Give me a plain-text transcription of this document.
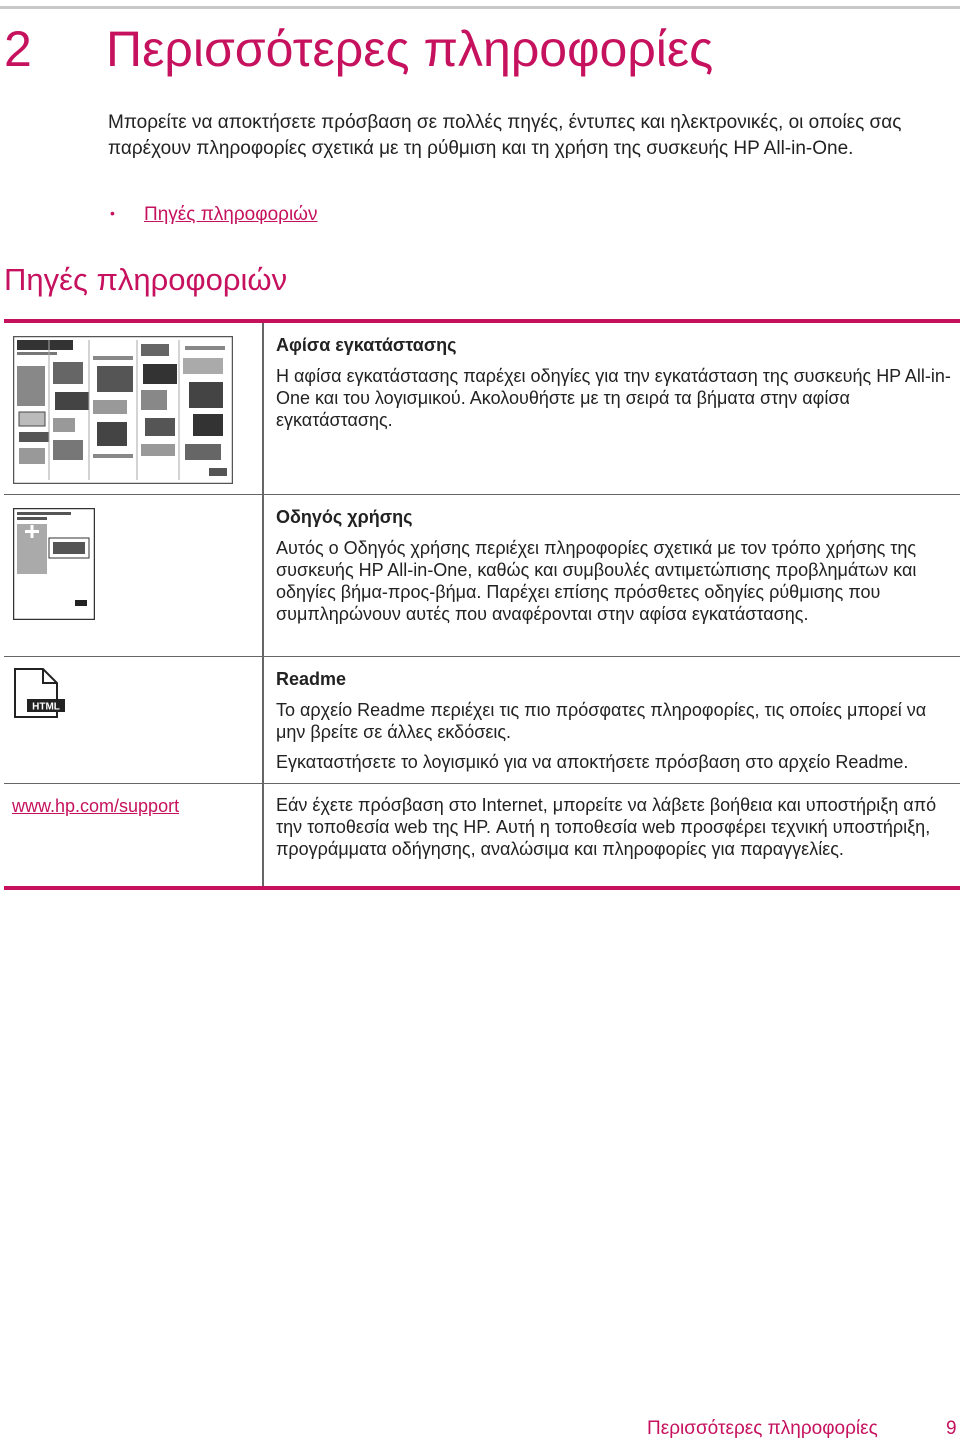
2 Περισσότερες πληροφορίες

Μπορείτε να αποκτήσετε πρόσβαση σε πολλές πηγές, έντυπες και ηλεκτρονικές, οι οποίες σας παρέχουν πληροφορίες σχετικά με τη ρύθμιση και τη χρήση της συσκευής HP All-in-One.

• Πηγές πληροφοριών
Πηγές πληροφοριών

Αφίσα εγκατάστασης

Η αφίσα εγκατάστασης παρέχει οδηγίες για την εγκατάσταση της συσκευής HP All-in-One και του λογισμικού. Ακολουθήστε με τη σειρά τα βήματα στην αφίσα εγκατάστασης.

Οδηγός χρήσης

Αυτός ο Οδηγός χρήσης περιέχει πληροφορίες σχετικά με τον τρόπο χρήσης της συσκευής HP All-in-One, καθώς και συμβουλές αντιμετώπισης προβλημάτων και οδηγίες βήμα-προς-βήμα. Παρέχει επίσης πρόσθετες οδηγίες ρύθμισης που συμπληρώνουν αυτές που αναφέρονται στην αφίσα εγκατάστασης.

HTML

Readme

Το αρχείο Readme περιέχει τις πιο πρόσφατες πληροφορίες, τις οποίες μπορεί να μην βρείτε σε άλλες εκδόσεις.

Εγκαταστήσετε το λογισμικό για να αποκτήσετε πρόσβαση στο αρχείο Readme.

www.hp.com/support	Εάν έχετε πρόσβαση στο Internet, μπορείτε να λάβετε βοήθεια και υποστήριξη από την τοποθεσία web της HP. Αυτή η τοποθεσία web προσφέρει τεχνική υποστήριξη, προγράμματα οδήγησης, αναλώσιμα και πληροφορίες για παραγγελίες.

Περισσότερες πληροφορίες	9
